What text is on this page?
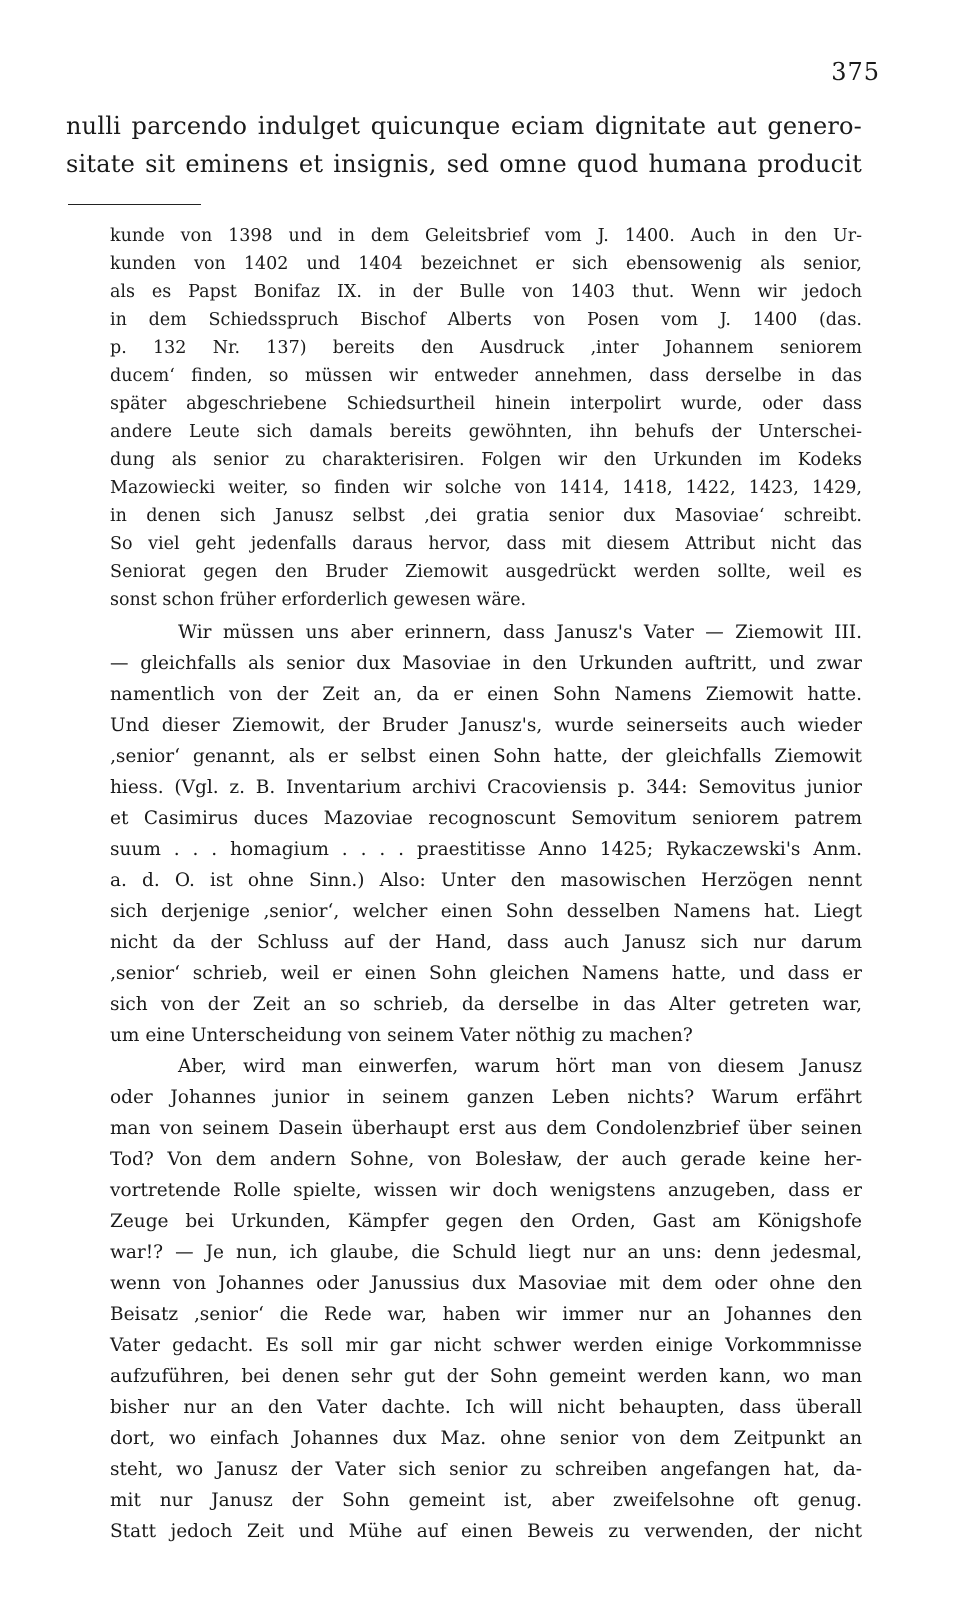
375

nulli parcendo indulget quicunque eciam dignitate aut genero-

sitate sit eminens et insignis, sed omne quod humana producit

kunde von 1398 und in dem Geleitsbrief vom J. 1400. Auch in den Ur-

kunden von 1402 und 1404 bezeichnet er sich ebensowenig als senior,

als es Papst Bonifaz IX. in der Bulle von 1403 thut. Wenn wir jedoch

in dem Schiedsspruch Bischof Alberts von Posen vom J. 1400 (das.

p. 132 Nr. 137) bereits den Ausdruck ‚inter Johannem seniorem

ducem‘ finden, so müssen wir entweder annehmen, dass derselbe in das

später abgeschriebene Schiedsurtheil hinein interpolirt wurde, oder dass

andere Leute sich damals bereits gewöhnten, ihn behufs der Unterschei-

dung als senior zu charakterisiren. Folgen wir den Urkunden im Kodeks

Mazowiecki weiter, so finden wir solche von 1414, 1418, 1422, 1423, 1429,

in denen sich Janusz selbst ‚dei gratia senior dux Masoviae‘ schreibt.

So viel geht jedenfalls daraus hervor, dass mit diesem Attribut nicht das

Seniorat gegen den Bruder Ziemowit ausgedrückt werden sollte, weil es

sonst schon früher erforderlich gewesen wäre.

Wir müssen uns aber erinnern, dass Janusz's Vater — Ziemowit III.

— gleichfalls als senior dux Masoviae in den Urkunden auftritt, und zwar

namentlich von der Zeit an, da er einen Sohn Namens Ziemowit hatte.

Und dieser Ziemowit, der Bruder Janusz's, wurde seinerseits auch wieder

‚senior‘ genannt, als er selbst einen Sohn hatte, der gleichfalls Ziemowit

hiess. (Vgl. z. B. Inventarium archivi Cracoviensis p. 344: Semovitus junior

et Casimirus duces Mazoviae recognoscunt Semovitum seniorem patrem

suum . . . homagium . . . . praestitisse Anno 1425; Rykaczewski's Anm.

a. d. O. ist ohne Sinn.) Also: Unter den masowischen Herzögen nennt

sich derjenige ‚senior‘, welcher einen Sohn desselben Namens hat. Liegt

nicht da der Schluss auf der Hand, dass auch Janusz sich nur darum

‚senior‘ schrieb, weil er einen Sohn gleichen Namens hatte, und dass er

sich von der Zeit an so schrieb, da derselbe in das Alter getreten war,

um eine Unterscheidung von seinem Vater nöthig zu machen?

Aber, wird man einwerfen, warum hört man von diesem Janusz

oder Johannes junior in seinem ganzen Leben nichts? Warum erfährt

man von seinem Dasein überhaupt erst aus dem Condolenzbrief über seinen

Tod? Von dem andern Sohne, von Bolesław, der auch gerade keine her-

vortretende Rolle spielte, wissen wir doch wenigstens anzugeben, dass er

Zeuge bei Urkunden, Kämpfer gegen den Orden, Gast am Königshofe

war!? — Je nun, ich glaube, die Schuld liegt nur an uns: denn jedesmal,

wenn von Johannes oder Janussius dux Masoviae mit dem oder ohne den

Beisatz ‚senior‘ die Rede war, haben wir immer nur an Johannes den

Vater gedacht. Es soll mir gar nicht schwer werden einige Vorkommnisse

aufzuführen, bei denen sehr gut der Sohn gemeint werden kann, wo man

bisher nur an den Vater dachte. Ich will nicht behaupten, dass überall

dort, wo einfach Johannes dux Maz. ohne senior von dem Zeitpunkt an

steht, wo Janusz der Vater sich senior zu schreiben angefangen hat, da-

mit nur Janusz der Sohn gemeint ist, aber zweifelsohne oft genug.

Statt jedoch Zeit und Mühe auf einen Beweis zu verwenden, der nicht
